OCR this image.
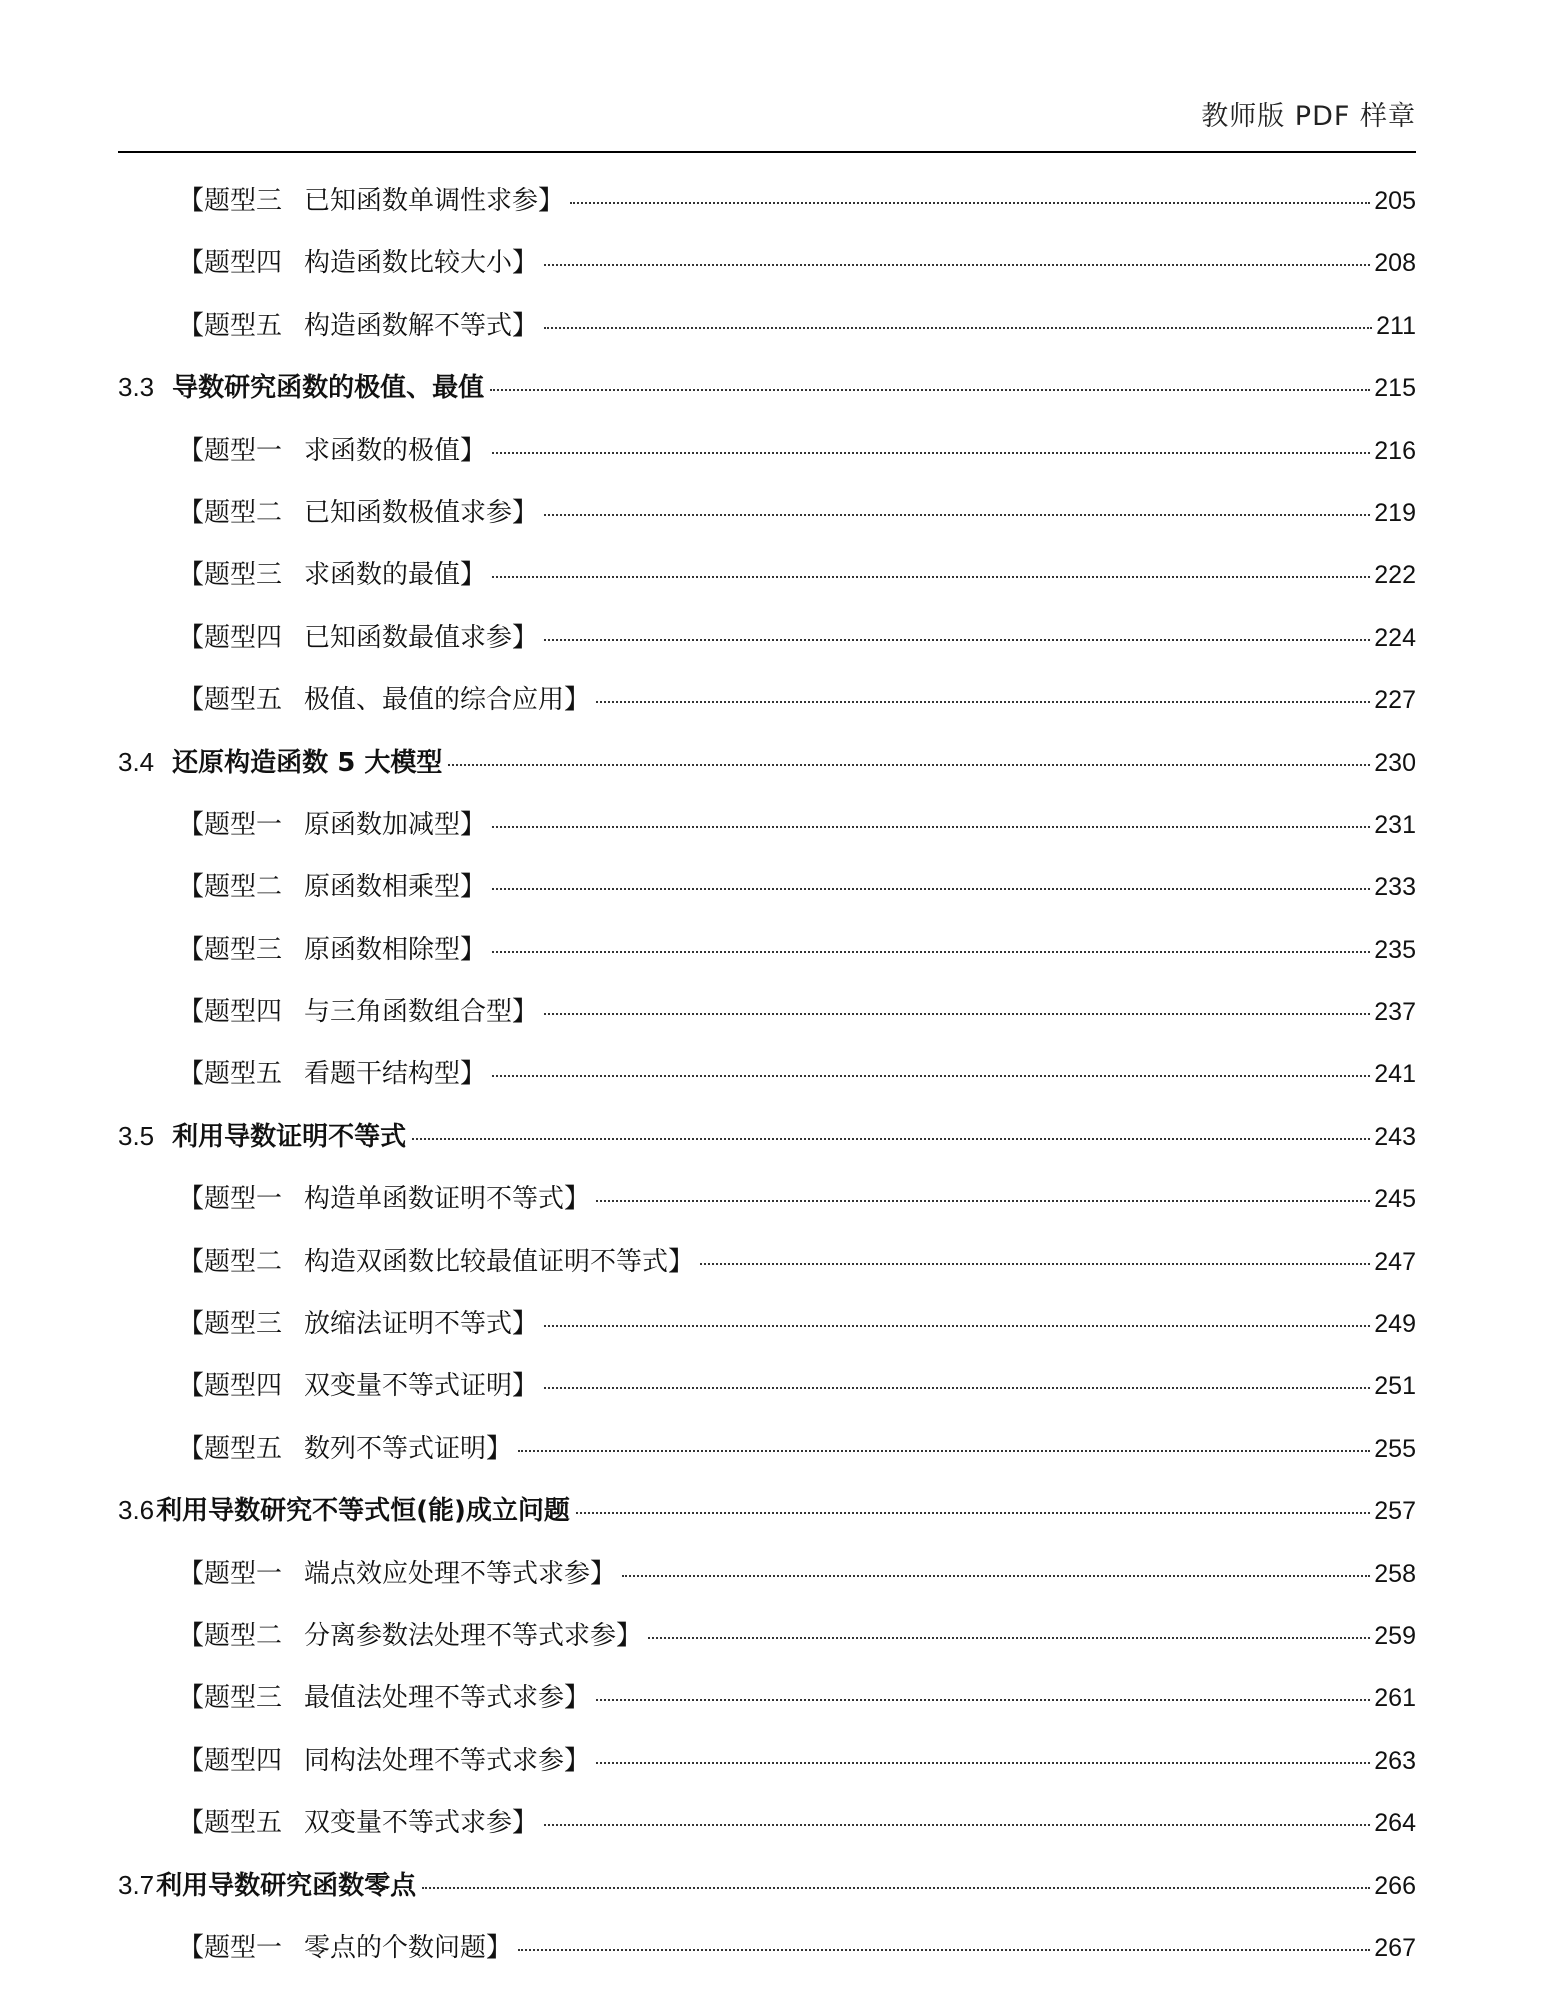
教师版 PDF 样章
【题型三 已知函数单调性求参】	205
【题型四 构造函数比较大小】	208
【题型五 构造函数解不等式】	211
3.3 导数研究函数的极值、最值	215
【题型一 求函数的极值】	216
【题型二 已知函数极值求参】	219
【题型三 求函数的最值】	222
【题型四 已知函数最值求参】	224
【题型五 极值、最值的综合应用】	227
3.4 还原构造函数 5 大模型	230
【题型一 原函数加减型】	231
【题型二 原函数相乘型】	233
【题型三 原函数相除型】	235
【题型四 与三角函数组合型】	237
【题型五 看题干结构型】	241
3.5 利用导数证明不等式	243
【题型一 构造单函数证明不等式】	245
【题型二 构造双函数比较最值证明不等式】	247
【题型三 放缩法证明不等式】	249
【题型四 双变量不等式证明】	251
【题型五 数列不等式证明】	255
3.6 利用导数研究不等式恒(能)成立问题	257
【题型一 端点效应处理不等式求参】	258
【题型二 分离参数法处理不等式求参】	259
【题型三 最值法处理不等式求参】	261
【题型四 同构法处理不等式求参】	263
【题型五 双变量不等式求参】	264
3.7 利用导数研究函数零点	266
【题型一 零点的个数问题】	267
